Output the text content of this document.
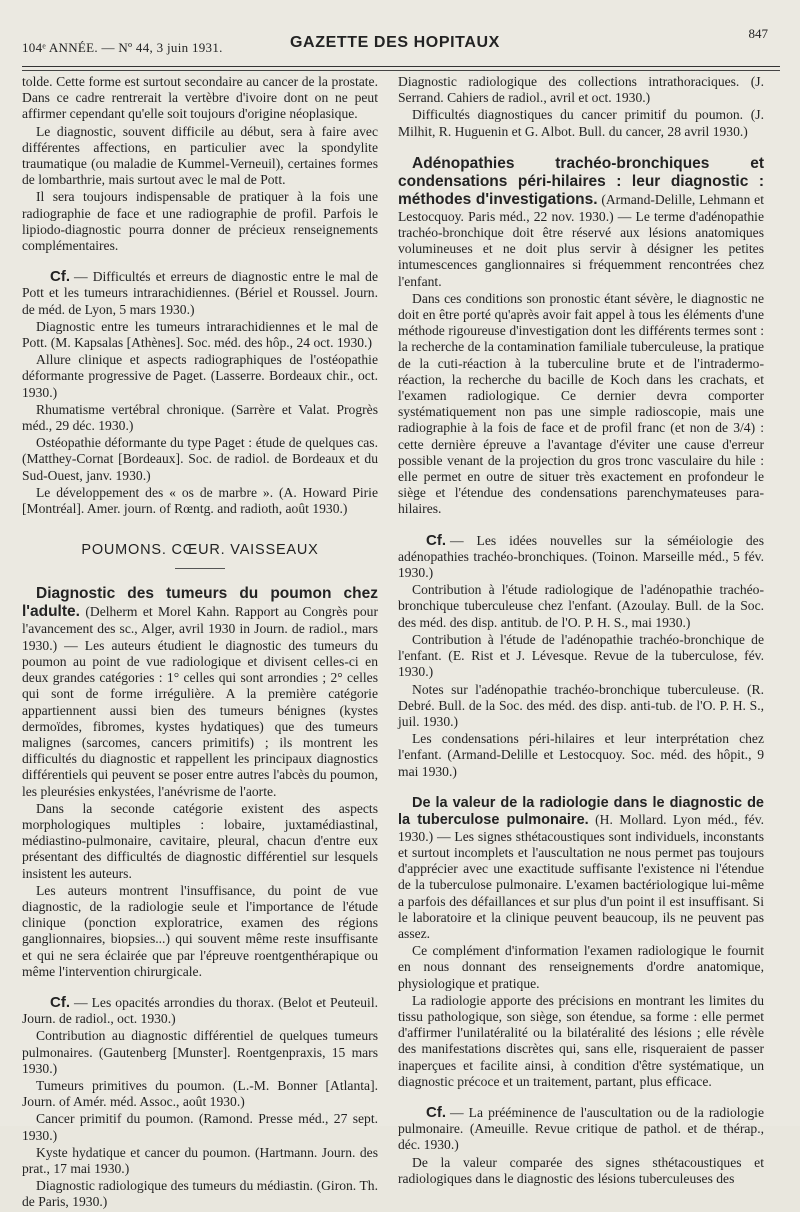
104ᵉ ANNÉE. — Nº 44, 3 juin 1931.	GAZETTE DES HOPITAUX
847

tolde. Cette forme est surtout secondaire au cancer de la prostate. Dans ce cadre rentrerait la vertèbre d'ivoire dont on ne peut affirmer cependant qu'elle soit toujours d'origine néoplasique.

Le diagnostic, souvent difficile au début, sera à faire avec différentes affections, en particulier avec la spondylite traumatique (ou maladie de Kummel-Verneuil), certaines formes de lombarthrie, mais surtout avec le mal de Pott.

Il sera toujours indispensable de pratiquer à la fois une radiographie de face et une radiographie de profil. Parfois le lipiodo-diagnostic pourra donner de précieux renseignements complémentaires.

Cf. — Difficultés et erreurs de diagnostic entre le mal de Pott et les tumeurs intrarachidiennes. (Bériel et Roussel. Journ. de méd. de Lyon, 5 mars 1930.)

Diagnostic entre les tumeurs intrarachidiennes et le mal de Pott. (M. Kapsalas [Athènes]. Soc. méd. des hôp., 24 oct. 1930.)

Allure clinique et aspects radiographiques de l'ostéopathie déformante progressive de Paget. (Lasserre. Bordeaux chir., oct. 1930.)

Rhumatisme vertébral chronique. (Sarrère et Valat. Progrès méd., 29 déc. 1930.)

Ostéopathie déformante du type Paget : étude de quelques cas. (Matthey-Cornat [Bordeaux]. Soc. de radiol. de Bordeaux et du Sud-Ouest, janv. 1930.)

Le développement des « os de marbre ». (A. Howard Pirie [Montréal]. Amer. journ. of Rœntg. and radioth, août 1930.)

POUMONS. CŒUR. VAISSEAUX

Diagnostic des tumeurs du poumon chez l'adulte. (Delherm et Morel Kahn. Rapport au Congrès pour l'avancement des sc., Alger, avril 1930 in Journ. de radiol., mars 1930.) — Les auteurs étudient le diagnostic des tumeurs du poumon au point de vue radiologique et divisent celles-ci en deux grandes catégories : 1° celles qui sont arrondies ; 2° celles qui sont de forme irrégulière. A la première catégorie appartiennent aussi bien des tumeurs bénignes (kystes dermoïdes, fibromes, kystes hydatiques) que des tumeurs malignes (sarcomes, cancers primitifs) ; ils montrent les difficultés du diagnostic et rappellent les principaux diagnostics différentiels qui peuvent se poser entre autres l'abcès du poumon, les pleurésies enkystées, l'anévrisme de l'aorte.

Dans la seconde catégorie existent des aspects morphologiques multiples : lobaire, juxtamédiastinal, médiastino-pulmonaire, cavitaire, pleural, chacun d'entre eux présentant des difficultés de diagnostic différentiel sur lesquels insistent les auteurs.

Les auteurs montrent l'insuffisance, du point de vue diagnostic, de la radiologie seule et l'importance de l'étude clinique (ponction exploratrice, examen des régions ganglionnaires, biopsies...) qui souvent même reste insuffisante et qui ne sera éclairée que par l'épreuve roentgenthérapique ou même l'intervention chirurgicale.

Cf. — Les opacités arrondies du thorax. (Belot et Peuteuil. Journ. de radiol., oct. 1930.)

Contribution au diagnostic différentiel de quelques tumeurs pulmonaires. (Gautenberg [Munster]. Roentgenpraxis, 15 mars 1930.)

Tumeurs primitives du poumon. (L.-M. Bonner [Atlanta]. Journ. of Amér. méd. Assoc., août 1930.)

Cancer primitif du poumon. (Ramond. Presse méd., 27 sept. 1930.)

Kyste hydatique et cancer du poumon. (Hartmann. Journ. des prat., 17 mai 1930.)

Diagnostic radiologique des tumeurs du médiastin. (Giron. Th. de Paris, 1930.)

Diagnostic radiologique des collections intrathoraciques. (J. Serrand. Cahiers de radiol., avril et oct. 1930.)

Difficultés diagnostiques du cancer primitif du poumon. (J. Milhit, R. Huguenin et G. Albot. Bull. du cancer, 28 avril 1930.)

Adénopathies trachéo-bronchiques et condensations péri-hilaires : leur diagnostic : méthodes d'investigations. (Armand-Delille, Lehmann et Lestocquoy. Paris méd., 22 nov. 1930.) — Le terme d'adénopathie trachéo-bronchique doit être réservé aux lésions anatomiques volumineuses et ne doit plus servir à désigner les petites intumescences ganglionnaires si fréquemment rencontrées chez l'enfant.

Dans ces conditions son pronostic étant sévère, le diagnostic ne doit en être porté qu'après avoir fait appel à tous les éléments d'une méthode rigoureuse d'investigation dont les différents termes sont : la recherche de la contamination familiale tuberculeuse, la pratique de la cuti-réaction à la tuberculine brute et de l'intradermo-réaction, la recherche du bacille de Koch dans les crachats, et l'examen radiologique. Ce dernier devra comporter systématiquement non pas une simple radioscopie, mais une radiographie à la fois de face et de profil franc (et non de 3/4) : cette dernière épreuve a l'avantage d'éviter une cause d'erreur possible venant de la projection du gros tronc vasculaire du hile : elle permet en outre de situer très exactement en profondeur le siège et l'étendue des condensations parenchymateuses para-hilaires.

Cf. — Les idées nouvelles sur la séméiologie des adénopathies trachéo-bronchiques. (Toinon. Marseille méd., 5 fév. 1930.)

Contribution à l'étude radiologique de l'adénopathie trachéo-bronchique tuberculeuse chez l'enfant. (Azoulay. Bull. de la Soc. des méd. des disp. antitub. de l'O. P. H. S., mai 1930.)

Contribution à l'étude de l'adénopathie trachéo-bronchique de l'enfant. (E. Rist et J. Lévesque. Revue de la tuberculose, fév. 1930.)

Notes sur l'adénopathie trachéo-bronchique tuberculeuse. (R. Debré. Bull. de la Soc. des méd. des disp. anti-tub. de l'O. P. H. S., juil. 1930.)

Les condensations péri-hilaires et leur interprétation chez l'enfant. (Armand-Delille et Lestocquoy. Soc. méd. des hôpit., 9 mai 1930.)

De la valeur de la radiologie dans le diagnostic de la tuberculose pulmonaire. (H. Mollard. Lyon méd., fév. 1930.) — Les signes sthétacoustiques sont individuels, inconstants et surtout incomplets et l'auscultation ne nous permet pas toujours d'apprécier avec une exactitude suffisante l'existence ni l'étendue de la tuberculose pulmonaire. L'examen bactériologique lui-même a parfois des défaillances et sur plus d'un point il est insuffisant. Si le laboratoire et la clinique peuvent beaucoup, ils ne peuvent pas assez.

Ce complément d'information l'examen radiologique le fournit en nous donnant des renseignements d'ordre anatomique, physiologique et pratique.

La radiologie apporte des précisions en montrant les limites du tissu pathologique, son siège, son étendue, sa forme : elle permet d'affirmer l'unilatéralité ou la bilatéralité des lésions ; elle révèle des manifestations discrètes qui, sans elle, risqueraient de passer inaperçues et facilite ainsi, à condition d'être systématique, un diagnostic précoce et un traitement, partant, plus efficace.

Cf. — La prééminence de l'auscultation ou de la radiologie pulmonaire. (Ameuille. Revue critique de pathol. et de thérap., déc. 1930.)

De la valeur comparée des signes sthétacoustiques et radiologiques dans le diagnostic des lésions tuberculeuses des
